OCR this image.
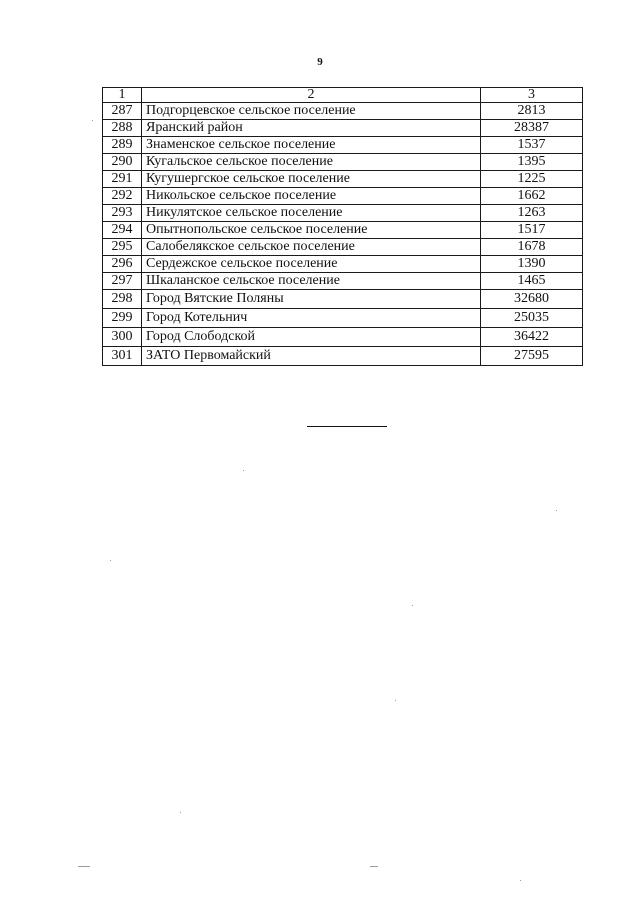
9

1	2	3
287	Подгорцевское сельское поселение	2813
288	Яранский район	28387
289	Знаменское сельское поселение	1537
290	Кугальское сельское поселение	1395
291	Кугушергское сельское поселение	1225
292	Никольское сельское поселение	1662
293	Никулятское сельское поселение	1263
294	Опытнопольское сельское поселение	1517
295	Салобелякское сельское поселение	1678
296	Сердежское сельское поселение	1390
297	Шкаланское сельское поселение	1465
298	Город Вятские Поляны	32680
299	Город Котельнич	25035
300	Город Слободской	36422
301	ЗАТО Первомайский	27595
